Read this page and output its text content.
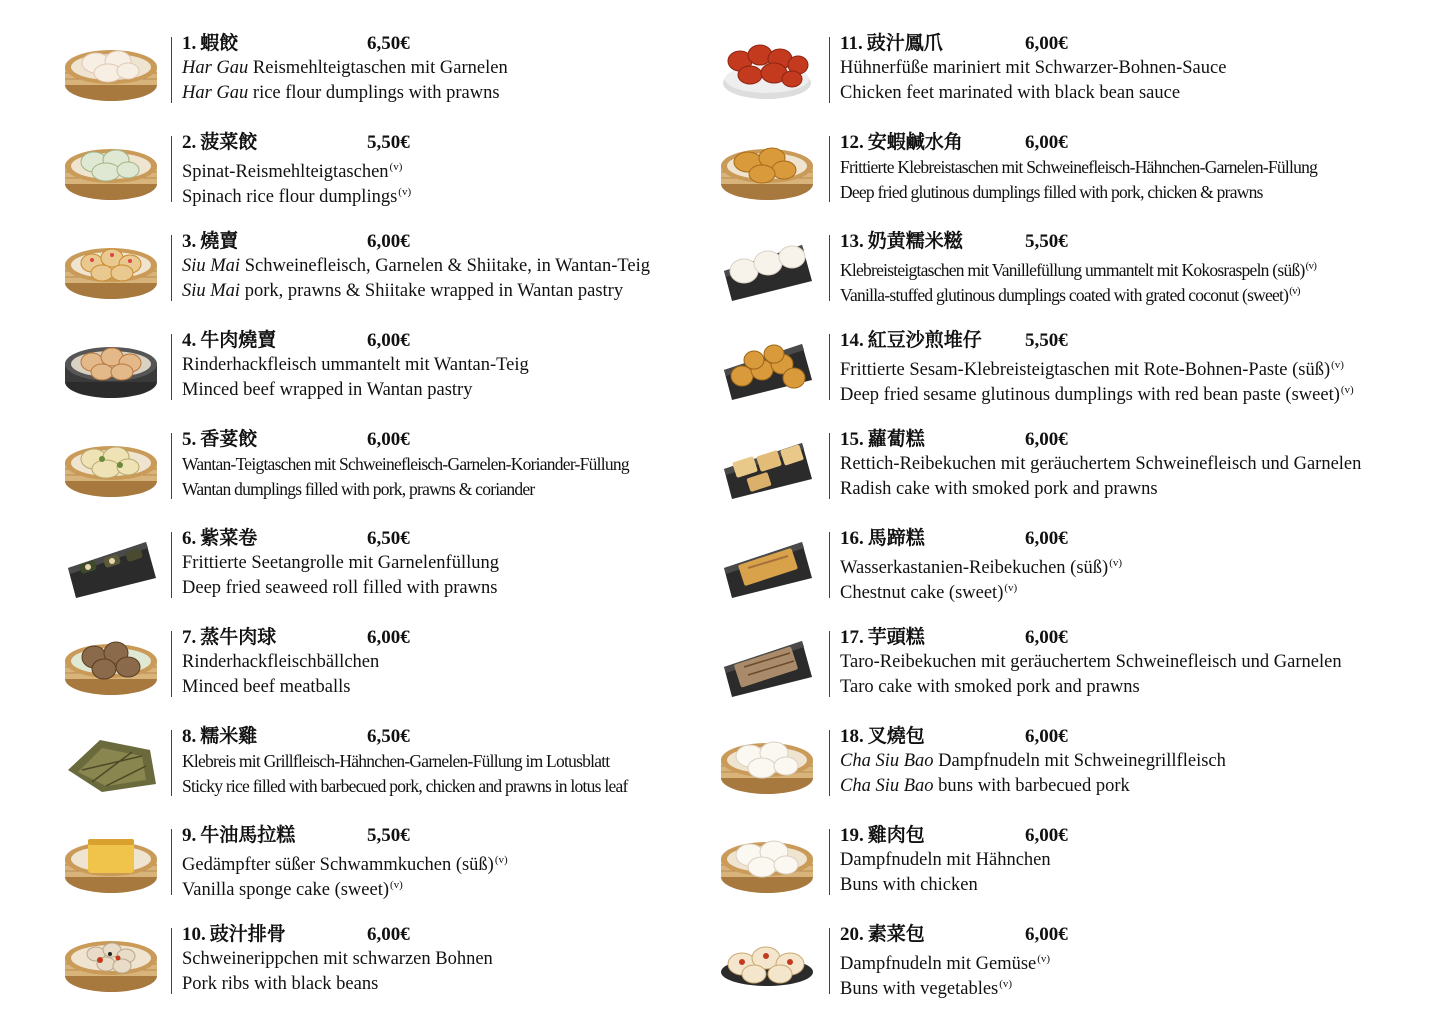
1. 蝦餃	6,50€
Har Gau Reismehlteigtaschen mit Garnelen
Har Gau rice flour dumplings with prawns
2. 菠菜餃	5,50€
Spinat-Reismehlteigtaschen$^{(v)}$
Spinach rice flour dumplings$^{(v)}$
3. 燒賣	6,00€
Siu Mai Schweinefleisch, Garnelen & Shiitake, in Wantan-Teig
Siu Mai pork, prawns & Shiitake wrapped in Wantan pastry
4. 牛肉燒賣	6,00€
Rinderhackfleisch ummantelt mit Wantan-Teig
Minced beef wrapped in Wantan pastry
5. 香荽餃	6,00€
Wantan-Teigtaschen mit Schweinefleisch-Garnelen-Koriander-Füllung
Wantan dumplings filled with pork, prawns & coriander
6. 紫菜卷	6,50€
Frittierte Seetangrolle mit Garnelenfüllung
Deep fried seaweed roll filled with prawns
7. 蒸牛肉球	6,00€
Rinderhackfleischbällchen
Minced beef meatballs
8. 糯米雞	6,50€
Klebreis mit Grillfleisch-Hähnchen-Garnelen-Füllung im Lotusblatt
Sticky rice filled with barbecued pork, chicken and prawns in lotus leaf
9. 牛油馬拉糕	5,50€
Gedämpfter süßer Schwammkuchen (süß)$^{(v)}$
Vanilla sponge cake (sweet)$^{(v)}$
10. 豉汁排骨	6,00€
Schweinerippchen mit schwarzen Bohnen
Pork ribs with black beans
11. 豉汁鳳爪	6,00€
Hühnerfüße mariniert mit Schwarzer-Bohnen-Sauce
Chicken feet marinated with black bean sauce
12. 安蝦鹹水角	6,00€
Frittierte Klebreistaschen mit Schweinefleisch-Hähnchen-Garnelen-Füllung
Deep fried glutinous dumplings filled with pork, chicken & prawns
13. 奶黄糯米糍	5,50€
Klebreisteigtaschen mit Vanillefüllung ummantelt mit Kokosraspeln (süß)$^{(v)}$
Vanilla-stuffed glutinous dumplings coated with grated coconut (sweet)$^{(v)}$
14. 紅豆沙煎堆仔 5,50€
Frittierte Sesam-Klebreisteigtaschen mit Rote-Bohnen-Paste (süß)$^{(v)}$
Deep fried sesame glutinous dumplings with red bean paste (sweet)$^{(v)}$
15. 蘿蔔糕	6,00€
Rettich-Reibekuchen mit geräuchertem Schweinefleisch und Garnelen
Radish cake with smoked pork and prawns
16. 馬蹄糕	6,00€
Wasserkastanien-Reibekuchen (süß)$^{(v)}$
Chestnut cake (sweet)$^{(v)}$
17. 芋頭糕	6,00€
Taro-Reibekuchen mit geräuchertem Schweinefleisch und Garnelen
Taro cake with smoked pork and prawns
18. 叉燒包	6,00€
Cha Siu Bao Dampfnudeln mit Schweinegrillfleisch
Cha Siu Bao buns with barbecued pork
19. 雞肉包	6,00€
Dampfnudeln mit Hähnchen
Buns with chicken
20. 素菜包	6,00€
Dampfnudeln mit Gemüse$^{(v)}$
Buns with vegetables$^{(v)}$
